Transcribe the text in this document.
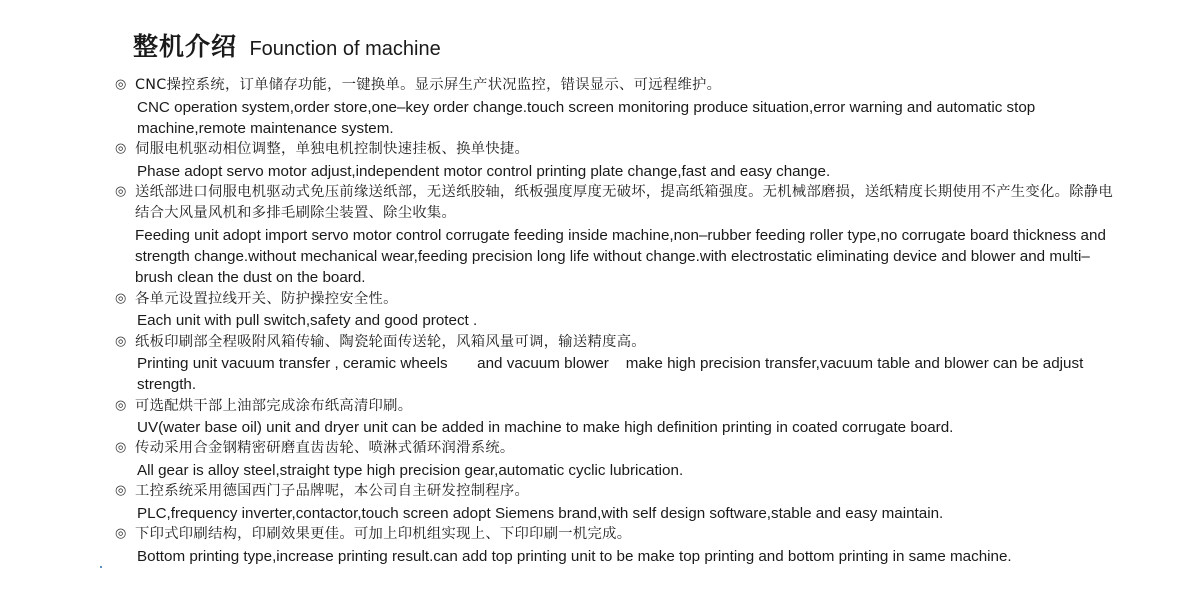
整机介绍 Founction of machine
◎ CNC操控系统，订单储存功能，一键换单。显示屏生产状况监控，错误显示、可远程维护。
CNC operation system,order store,one–key order change.touch screen monitoring produce situation,error warning and automatic stop machine,remote maintenance system.
◎ 伺服电机驱动相位调整，单独电机控制快速挂板、换单快捷。
Phase adopt servo motor adjust,independent motor control printing plate change,fast and easy change.
◎ 送纸部进口伺服电机驱动式免压前缘送纸部，无送纸胶轴，纸板强度厚度无破坏，提高纸箱强度。无机械部磨损，送纸精度长期使用不产生变化。除静电结合大风量风机和多排毛刷除尘装置、除尘收集。
Feeding unit adopt import servo motor control corrugate feeding inside machine,non–rubber feeding roller type,no corrugate board thickness and strength change.without mechanical wear,feeding precision long life without change.with electrostatic eliminating device and blower and multi–brush clean the dust on the board.
◎ 各单元设置拉线开关、防护操控安全性。
Each unit with pull switch,safety and good protect .
◎ 纸板印刷部全程吸附风箱传输、陶瓷轮面传送轮，风箱风量可调，输送精度高。
Printing unit vacuum transfer , ceramic wheels       and vacuum blower    make high precision transfer,vacuum table and blower can be adjust strength.
◎ 可选配烘干部上油部完成涂布纸高清印刷。
UV(water base oil) unit and dryer unit can be added in machine to make high definition printing in coated corrugate board.
◎ 传动采用合金钢精密研磨直齿齿轮、喷淋式循环润滑系统。
All gear is alloy steel,straight type high precision gear,automatic cyclic lubrication.
◎ 工控系统采用德国西门子品牌呢，本公司自主研发控制程序。
PLC,frequency inverter,contactor,touch screen adopt Siemens brand,with self design software,stable and easy maintain.
◎ 下印式印刷结构，印刷效果更佳。可加上印机组实现上、下印印刷一机完成。
Bottom printing type,increase printing result.can add top printing unit to be make top printing and bottom printing in same machine.
